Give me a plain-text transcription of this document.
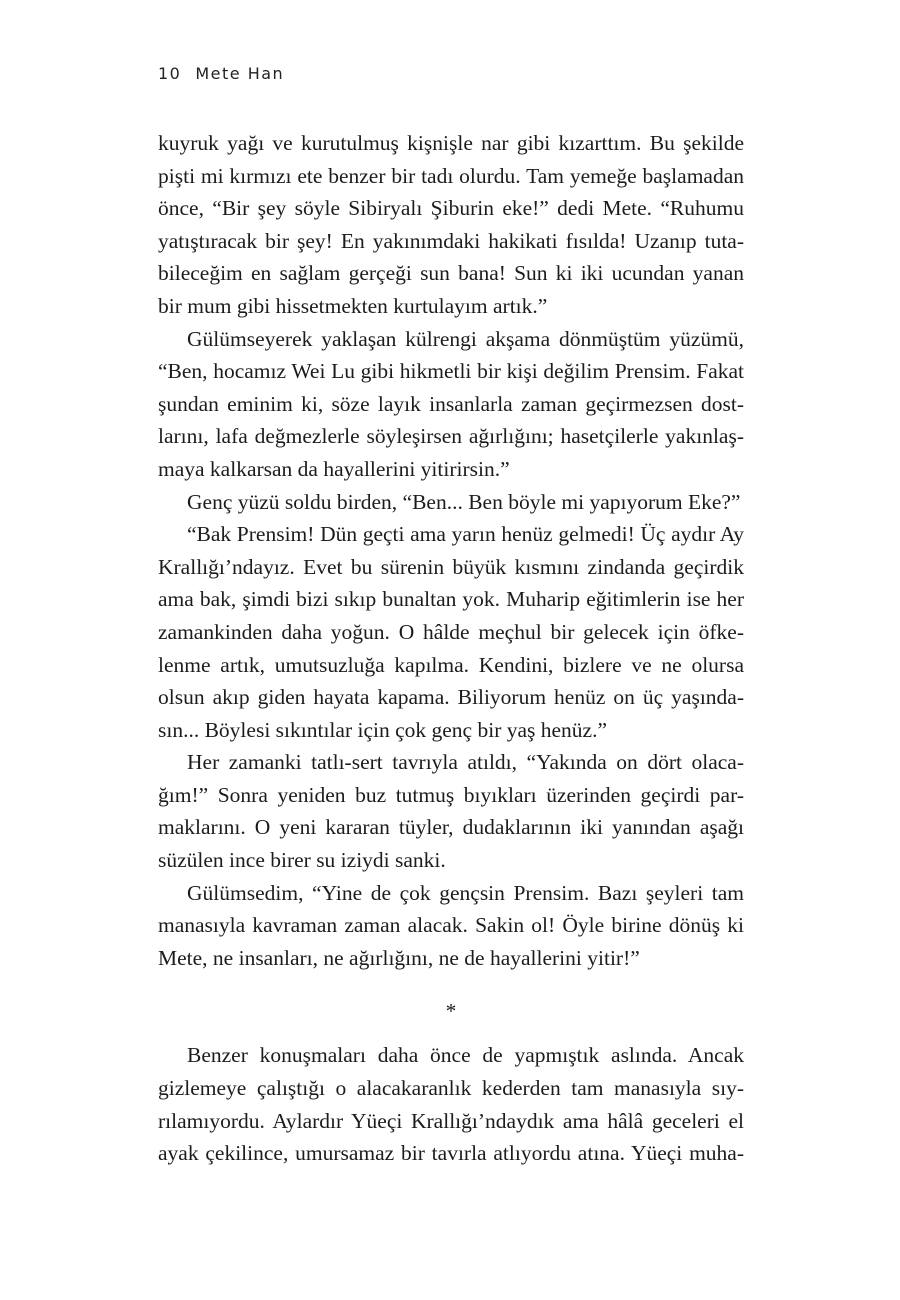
10 Mete Han

kuyruk yağı ve kurutulmuş kişnişle nar gibi kızarttım. Bu şekilde
pişti mi kırmızı ete benzer bir tadı olurdu. Tam yemeğe başlamadan
önce, “Bir şey söyle Sibiryalı Şiburin eke!” dedi Mete. “Ruhumu
yatıştıracak bir şey! En yakınımdaki hakikati fısılda! Uzanıp tuta-
bileceğim en sağlam gerçeği sun bana! Sun ki iki ucundan yanan
bir mum gibi hissetmekten kurtulayım artık.”

Gülümseyerek yaklaşan külrengi akşama dönmüştüm yüzümü,
“Ben, hocamız Wei Lu gibi hikmetli bir kişi değilim Prensim. Fakat
şundan eminim ki, söze layık insanlarla zaman geçirmezsen dost-
larını, lafa değmezlerle söyleşirsen ağırlığını; hasetçilerle yakınlaş-
maya kalkarsan da hayallerini yitirirsin.”

Genç yüzü soldu birden, “Ben... Ben böyle mi yapıyorum Eke?”

“Bak Prensim! Dün geçti ama yarın henüz gelmedi! Üç aydır Ay
Krallığı’ndayız. Evet bu sürenin büyük kısmını zindanda geçirdik
ama bak, şimdi bizi sıkıp bunaltan yok. Muharip eğitimlerin ise her
zamankinden daha yoğun. O hâlde meçhul bir gelecek için öfke-
lenme artık, umutsuzluğa kapılma. Kendini, bizlere ve ne olursa
olsun akıp giden hayata kapama. Biliyorum henüz on üç yaşında-
sın... Böylesi sıkıntılar için çok genç bir yaş henüz.”

Her zamanki tatlı-sert tavrıyla atıldı, “Yakında on dört olaca-
ğım!” Sonra yeniden buz tutmuş bıyıkları üzerinden geçirdi par-
maklarını. O yeni kararan tüyler, dudaklarının iki yanından aşağı
süzülen ince birer su iziydi sanki.

Gülümsedim, “Yine de çok gençsin Prensim. Bazı şeyleri tam
manasıyla kavraman zaman alacak. Sakin ol! Öyle birine dönüş ki
Mete, ne insanları, ne ağırlığını, ne de hayallerini yitir!”

*

Benzer konuşmaları daha önce de yapmıştık aslında. Ancak
gizlemeye çalıştığı o alacakaranlık kederden tam manasıyla sıy-
rılamıyordu. Aylardır Yüeçi Krallığı’ndaydık ama hâlâ geceleri el
ayak çekilince, umursamaz bir tavırla atlıyordu atına. Yüeçi muha-
